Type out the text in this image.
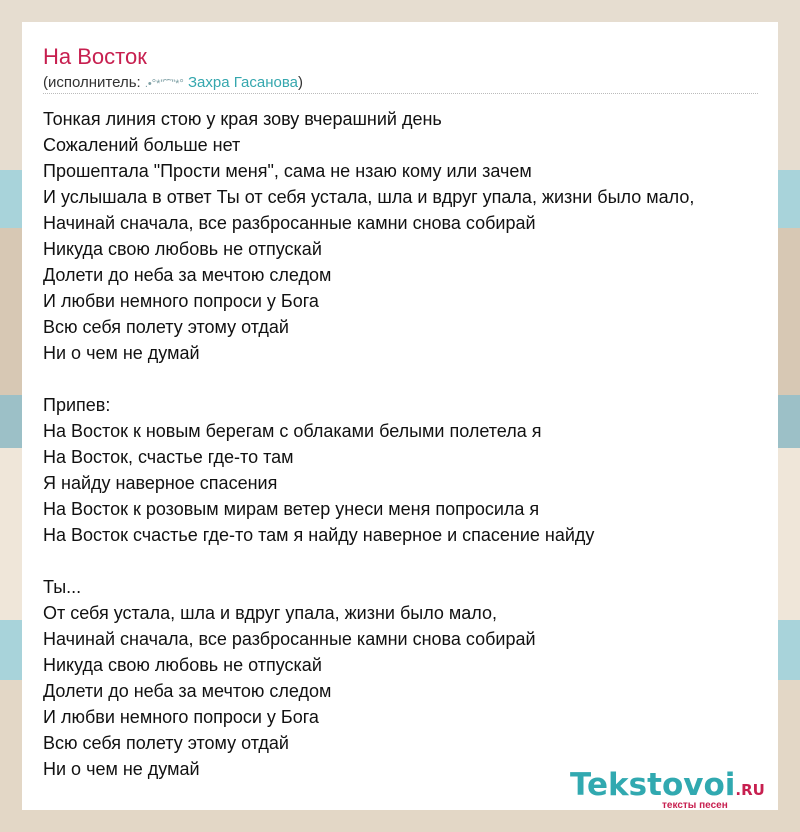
На Восток
(исполнитель: .•°*”˜˜”*° Захра Гасанова)
Тонкая линия стою у края зову вчерашний день
Сожалений больше нет
Прошептала "Прости меня", сама не нзаю кому или зачем
И услышала в ответ Ты от себя устала, шла и вдруг упала, жизни было мало,
Начинай сначала, все разбросанные камни снова собирай
Никуда свою любовь не отпускай
Долети до неба за мечтою следом
И любви немного попроси у Бога
Всю себя полету этому отдай
Ни о чем не думай
Припев:
На Восток к новым берегам с облаками белыми полетела я
На Восток, счастье где-то там
Я найду наверное спасения
На Восток к розовым мирам ветер унеси меня попросила я
На Восток счастье где-то там я найду наверное и спасение найду
Ты...
От себя устала, шла и вдруг упала, жизни было мало,
Начинай сначала, все разбросанные камни снова собирай
Никуда свою любовь не отпускай
Долети до неба за мечтою следом
И любви немного попроси у Бога
Всю себя полету этому отдай
Ни о чем не думай	Tekstovoi.RU
тексты песен
